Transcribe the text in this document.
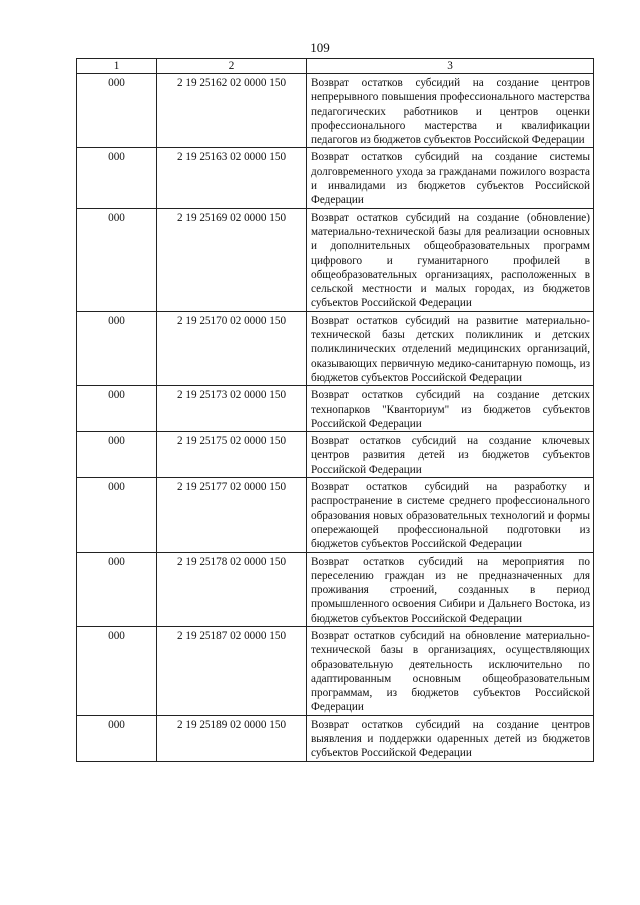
109
1	2	3
000	2 19 25162 02 0000 150	Возврат остатков субсидий на создание центров непрерывного повышения профессионального мастерства педагогических работников и центров оценки профессионального мастерства и квалификации педагогов из бюджетов субъектов Российской Федерации
000	2 19 25163 02 0000 150	Возврат остатков субсидий на создание системы долговременного ухода за гражданами пожилого возраста и инвалидами из бюджетов субъектов Российской Федерации
000	2 19 25169 02 0000 150	Возврат остатков субсидий на создание (обновление) материально-технической базы для реализации основных и дополнительных общеобразовательных программ цифрового и гуманитарного профилей в общеобразовательных организациях, расположенных в сельской местности и малых городах, из бюджетов субъектов Российской Федерации
000	2 19 25170 02 0000 150	Возврат остатков субсидий на развитие материально-технической базы детских поликлиник и детских поликлинических отделений медицинских организаций, оказывающих первичную медико-санитарную помощь, из бюджетов субъектов Российской Федерации
000	2 19 25173 02 0000 150	Возврат остатков субсидий на создание детских технопарков "Кванториум" из бюджетов субъектов Российской Федерации
000	2 19 25175 02 0000 150	Возврат остатков субсидий на создание ключевых центров развития детей из бюджетов субъектов Российской Федерации
000	2 19 25177 02 0000 150	Возврат остатков субсидий на разработку и распространение в системе среднего профессионального образования новых образовательных технологий и формы опережающей профессиональной подготовки из бюджетов субъектов Российской Федерации
000	2 19 25178 02 0000 150	Возврат остатков субсидий на мероприятия по переселению граждан из не предназначенных для проживания строений, созданных в период промышленного освоения Сибири и Дальнего Востока, из бюджетов субъектов Российской Федерации
000	2 19 25187 02 0000 150	Возврат остатков субсидий на обновление материально-технической базы в организациях, осуществляющих образовательную деятельность исключительно по адаптированным основным общеобразовательным программам, из бюджетов субъектов Российской Федерации
000	2 19 25189 02 0000 150	Возврат остатков субсидий на создание центров выявления и поддержки одаренных детей из бюджетов субъектов Российской Федерации
